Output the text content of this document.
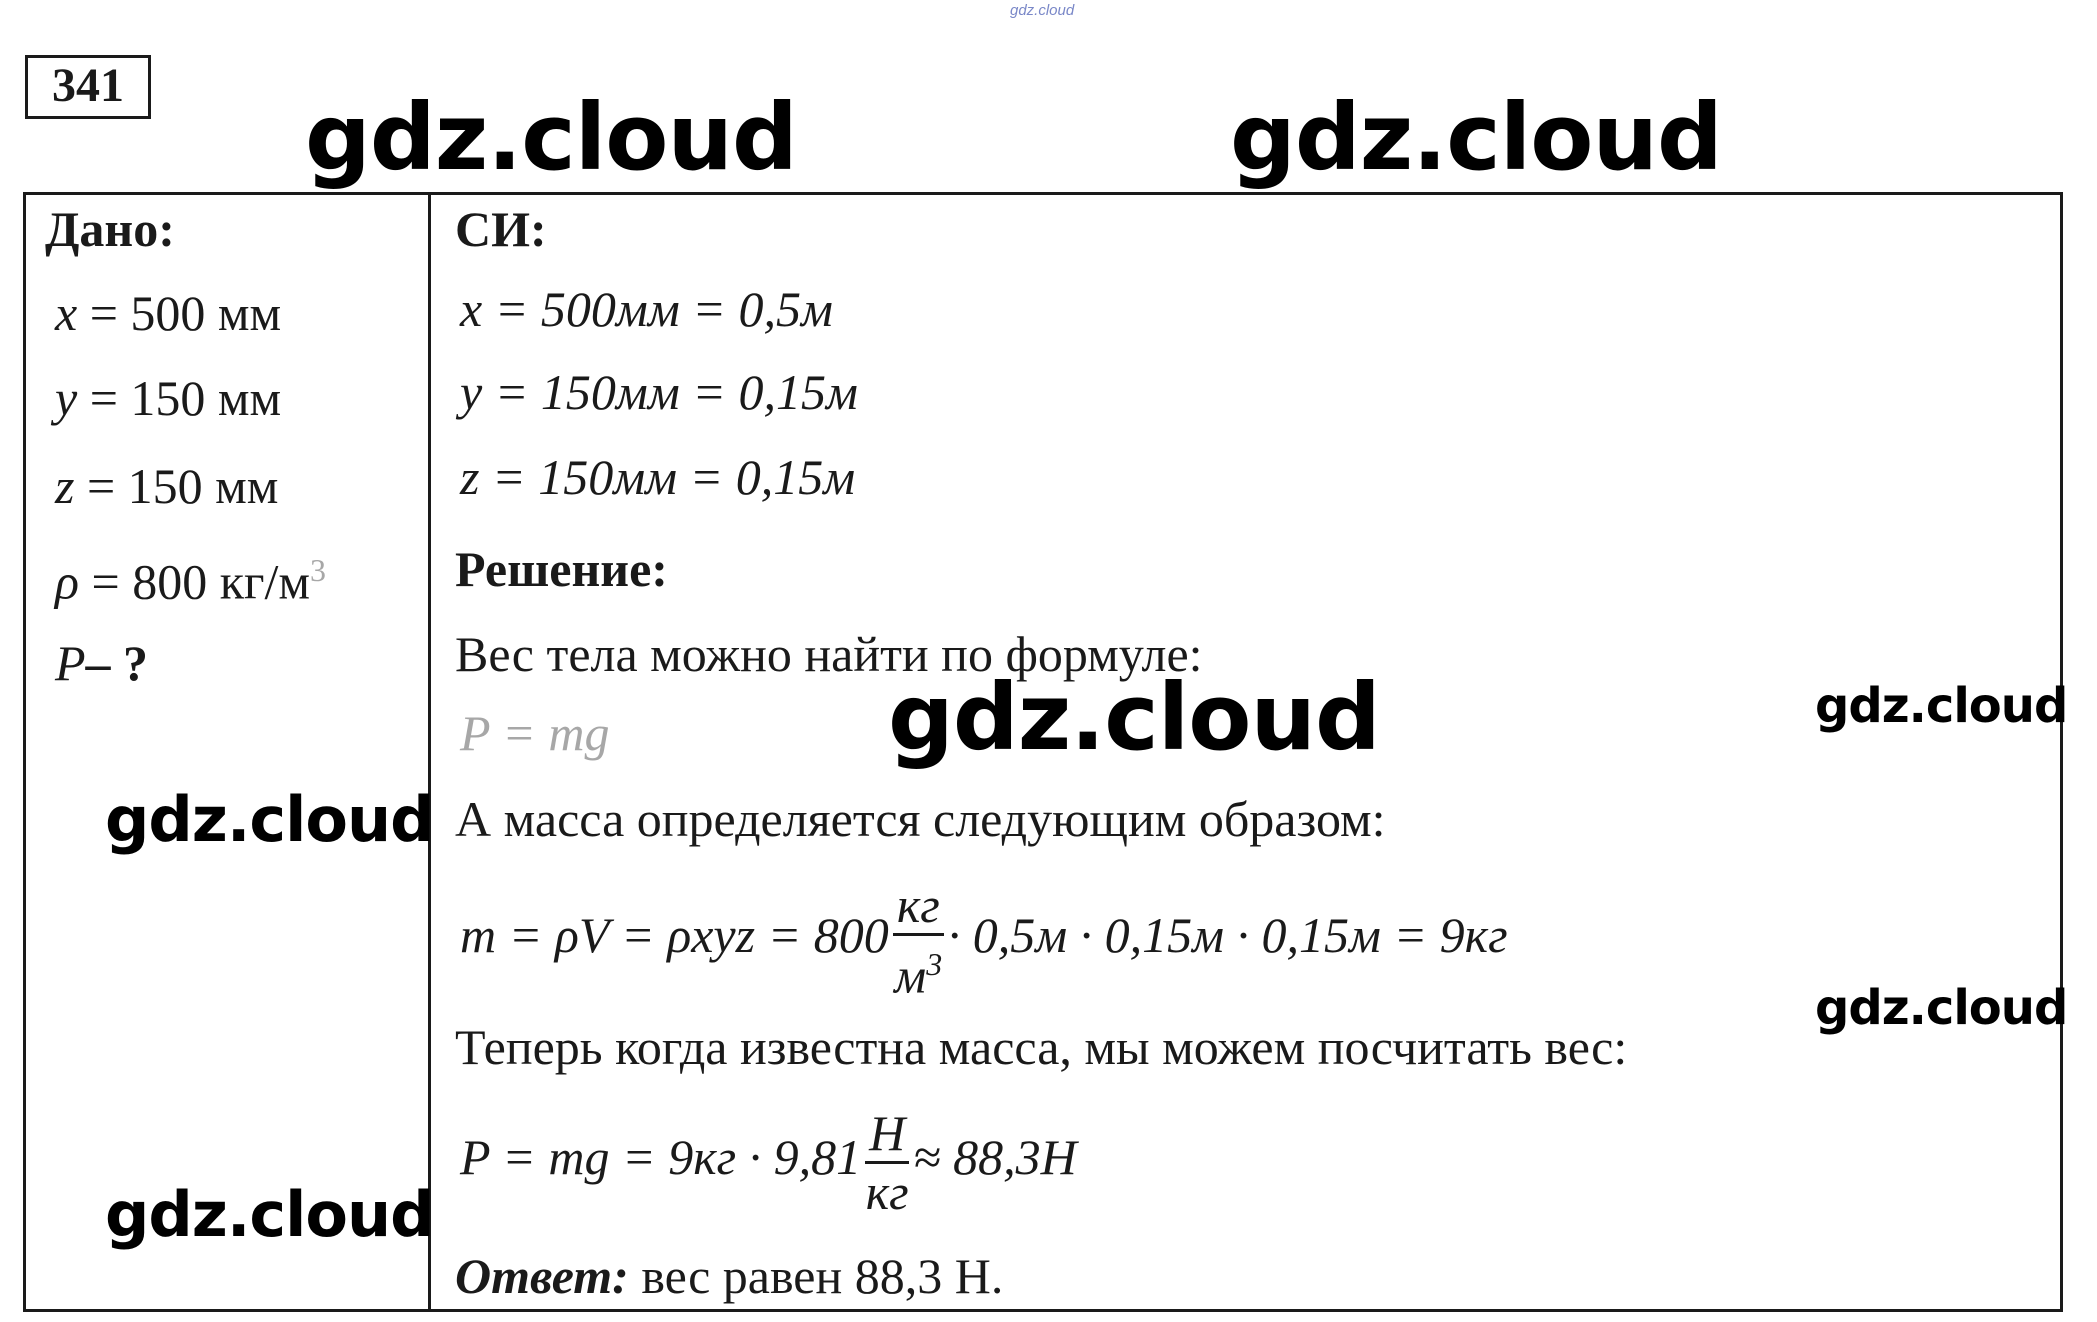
gdz.cloud
341 gdz.cloud	gdz.cloud
Дано:
x = 500 мм
y = 150 мм
z = 150 мм
ρ = 800 $кг/м^3$
P– ?
gdz.cloud
gdz.cloud
СИ:
x = 500мм = 0,5м
y = 150мм = 0,15м
z = 150мм = 0,15м
Решение:
Вес тела можно найти по формуле:
P = mg	gdz.cloud	gdz.cloud
А масса определяется следующим образом:
$m = \rho V = \rho xyz = 800 \frac{кг}{м^3} \cdot 0,5м \cdot 0,15м \cdot 0,15м = 9кг$
gdz.cloud
Теперь когда известна масса, мы можем посчитать вес:
P = mg = $9кг \cdot 9,81 \frac{Н}{кг} \approx 88,3Н$
Ответ: вес равен 88,3 Н.
